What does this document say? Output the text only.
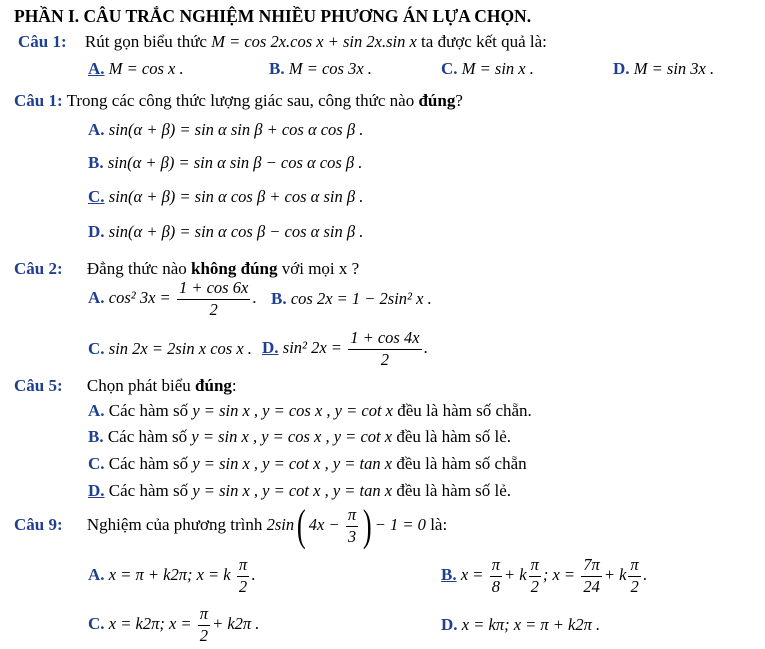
PHẦN I. CÂU TRẮC NGHIỆM NHIỀU PHƯƠNG ÁN LỰA CHỌN.
Câu 1: Rút gọn biểu thức M = cos 2x.cos x + sin 2x.sin x ta được kết quả là:
A. M = cos x .	B. M = cos 3x .	C. M = sin x .	D. M = sin 3x .
Câu 1: Trong các công thức lượng giác sau, công thức nào đúng?
A. sin(α + β) = sin α sin β + cos α cos β .
B. sin(α + β) = sin α sin β − cos α cos β .
C. sin(α + β) = sin α cos β + cos α sin β .
D. sin(α + β) = sin α cos β − cos α sin β .
Câu 2: Đẳng thức nào không đúng với mọi x ?
A. cos² $3x = \frac{1 + \cos 6x}{2}$ . B. cos 2x = 1 − 2sin² x .
C. sin 2x = 2sin x cos x . D. sin² $2x = \frac{1 + \cos 4x}{2}$ .
Câu 5: Chọn phát biểu đúng:
A. Các hàm số y = sin x , y = cos x , y = cot x đều là hàm số chẵn.
B. Các hàm số y = sin x , y = cos x , y = cot x đều là hàm số lẻ.
C. Các hàm số y = sin x , y = cot x , y = tan x đều là hàm số chẵn
D. Các hàm số y = sin x , y = cot x , y = tan x đều là hàm số lẻ.
Câu 9: Nghiệm của phương trình 2sin( $4x - \frac{\pi}{3}$ ) − 1 = 0 là:
A. x = π + k2π; x = k $\frac{\pi}{2}$ .	B. $x = \frac{\pi}{8} + k \frac{\pi}{2}$ ; $x = \frac{7\pi}{24} + k \frac{\pi}{2}$ .
C. x = k2π; $x = \frac{\pi}{2} + k2\pi$ .	D. x = kπ; x = π + k2π .
